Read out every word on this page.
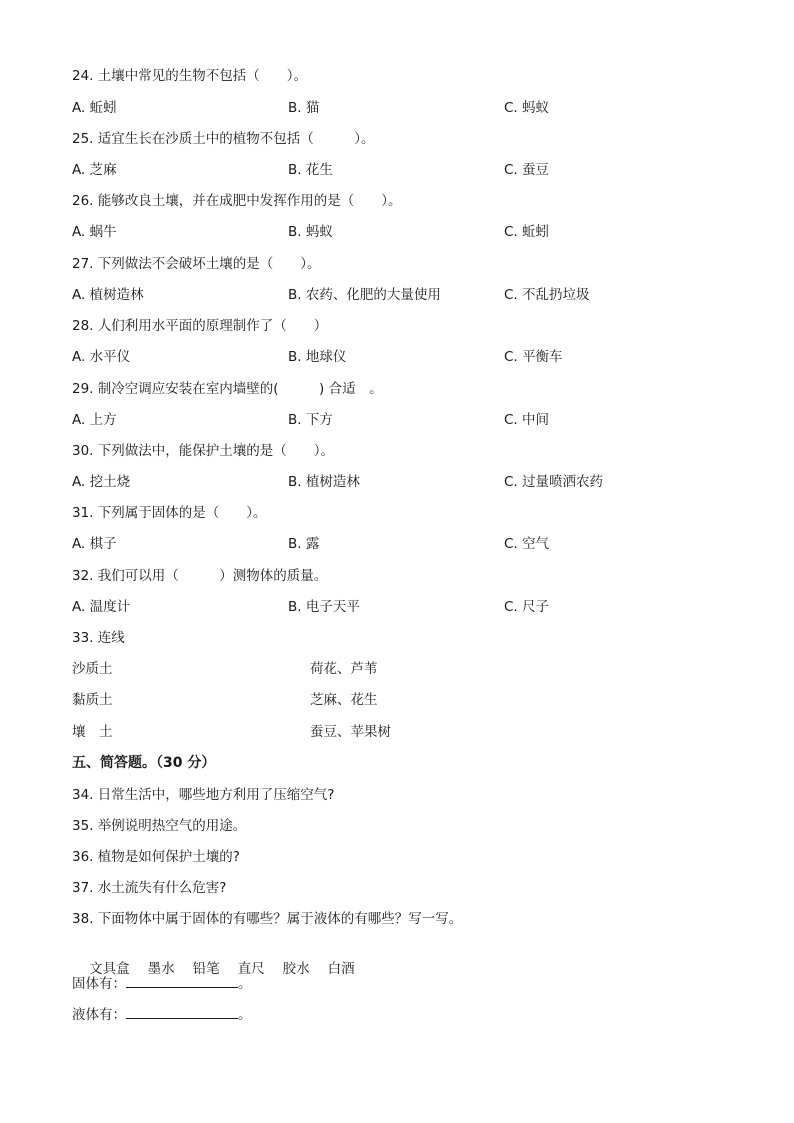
24. 土壤中常见的生物不包括（　　）。
A. 蚯蚓	B. 猫	C. 蚂蚁
25. 适宜生长在沙质土中的植物不包括（　　　）。
A. 芝麻	B. 花生	C. 蚕豆
26. 能够改良土壤，并在成肥中发挥作用的是（　　）。
A. 蜗牛	B. 蚂蚁	C. 蚯蚓
27. 下列做法不会破坏土壤的是（　　）。
A. 植树造林	B. 农药、化肥的大量使用	C. 不乱扔垃圾
28. 人们利用水平面的原理制作了（　　）
A. 水平仪	B. 地球仪	C. 平衡车
29. 制冷空调应安装在室内墙壁的(　　　) 合适　。
A. 上方	B. 下方	C. 中间
30. 下列做法中，能保护土壤的是（　　）。
A. 挖土烧	B. 植树造林	C. 过量喷洒农药
31. 下列属于固体的是（　　）。
A. 棋子	B. 露	C. 空气
32. 我们可以用（　　　）测物体的质量。
A. 温度计	B. 电子天平	C. 尺子
33. 连线
沙质土	荷花、芦苇
黏质土	芝麻、花生
壤　土	蚕豆、苹果树
五、简答题。（30 分）
34. 日常生活中，哪些地方利用了压缩空气?
35. 举例说明热空气的用途。
36. 植物是如何保护土壤的?
37. 水土流失有什么危害?
38. 下面物体中属于固体的有哪些？属于液体的有哪些？写一写。

文具盒 墨水 铅笔 直尺 胶水 白酒

固体有：	。
液体有：	。
